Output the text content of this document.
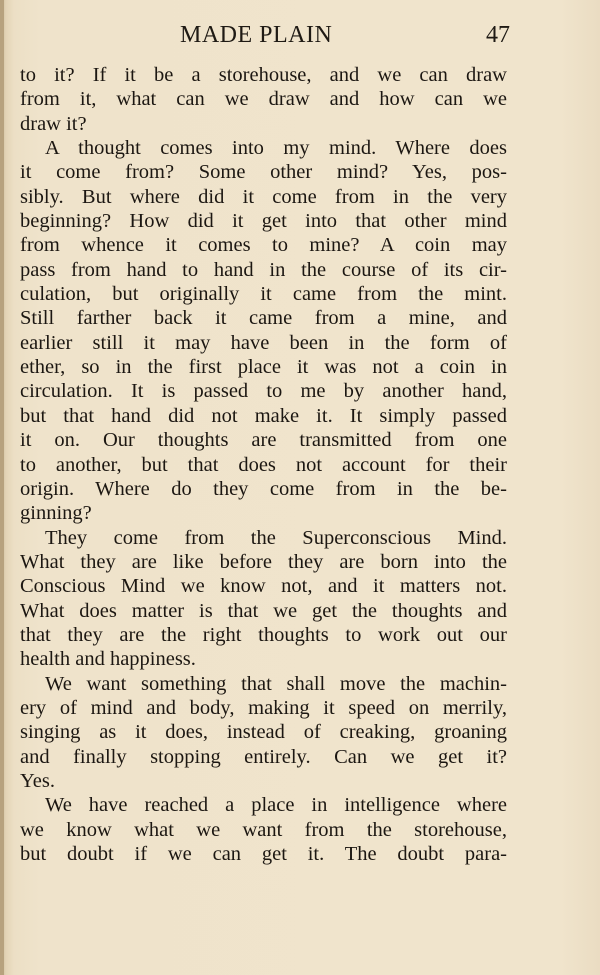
MADE PLAIN	47
to it? If it be a storehouse, and we can draw
from it, what can we draw and how can we
draw it?
A thought comes into my mind. Where does
it come from? Some other mind? Yes, pos-
sibly. But where did it come from in the very
beginning? How did it get into that other mind
from whence it comes to mine? A coin may
pass from hand to hand in the course of its cir-
culation, but originally it came from the mint.
Still farther back it came from a mine, and
earlier still it may have been in the form of
ether, so in the first place it was not a coin in
circulation. It is passed to me by another hand,
but that hand did not make it. It simply passed
it on. Our thoughts are transmitted from one
to another, but that does not account for their
origin. Where do they come from in the be-
ginning?
They come from the Superconscious Mind.
What they are like before they are born into the
Conscious Mind we know not, and it matters not.
What does matter is that we get the thoughts and
that they are the right thoughts to work out our
health and happiness.
We want something that shall move the machin-
ery of mind and body, making it speed on merrily,
singing as it does, instead of creaking, groaning
and finally stopping entirely. Can we get it?
Yes.
We have reached a place in intelligence where
we know what we want from the storehouse,
but doubt if we can get it. The doubt para-
